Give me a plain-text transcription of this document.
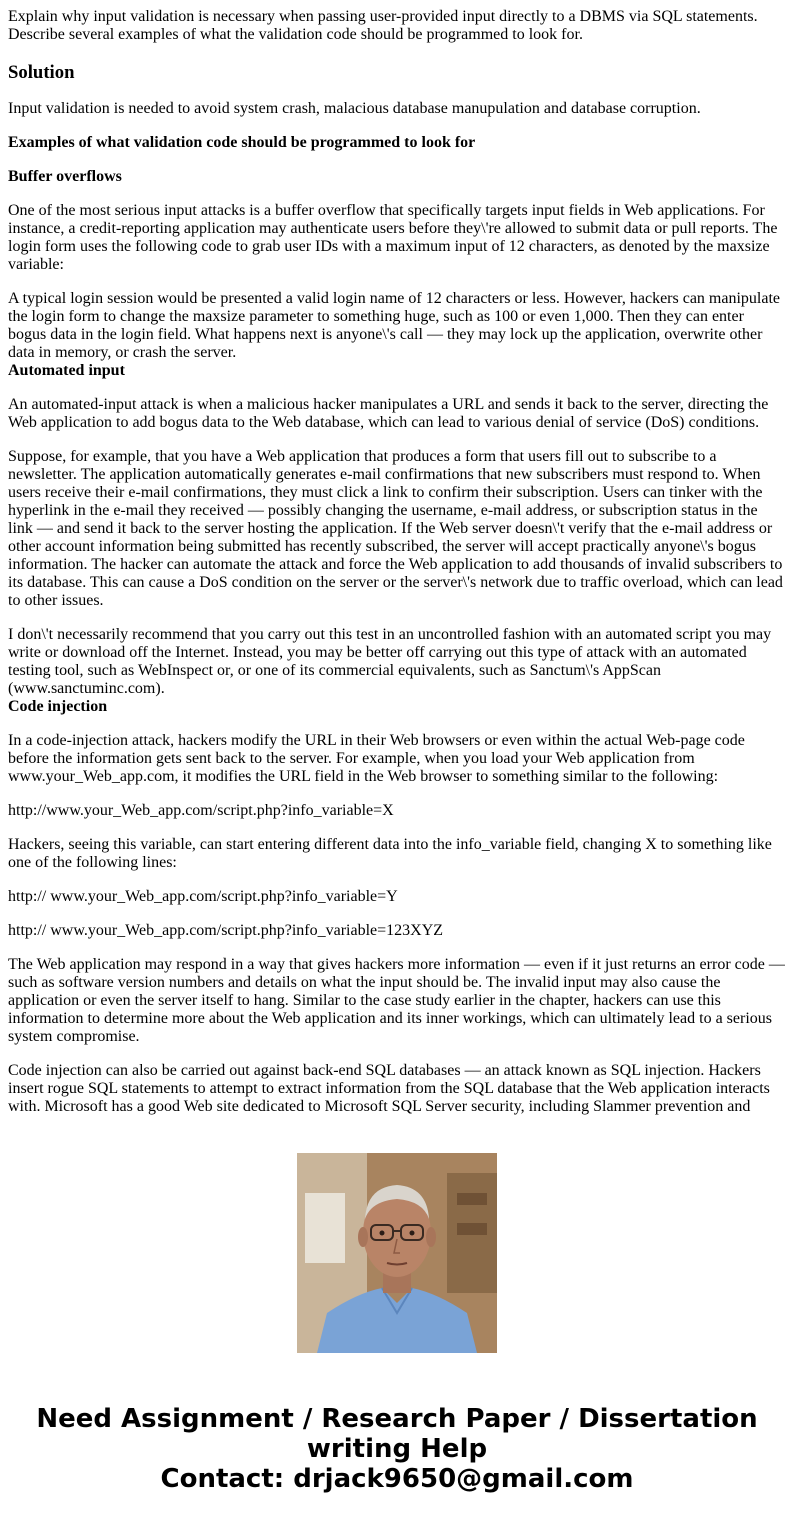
Explain why input validation is necessary when passing user-provided input directly to a DBMS via SQL statements. Describe several examples of what the validation code should be programmed to look for.

Solution

Input validation is needed to avoid system crash, malacious database manupulation and database corruption.

Examples of what validation code should be programmed to look for

Buffer overflows

One of the most serious input attacks is a buffer overflow that specifically targets input fields in Web applications. For instance, a credit-reporting application may authenticate users before they\'re allowed to submit data or pull reports. The login form uses the following code to grab user IDs with a maximum input of 12 characters, as denoted by the maxsize variable:

A typical login session would be presented a valid login name of 12 characters or less. However, hackers can manipulate the login form to change the maxsize parameter to something huge, such as 100 or even 1,000. Then they can enter bogus data in the login field. What happens next is anyone\'s call — they may lock up the application, overwrite other data in memory, or crash the server.

Automated input

An automated-input attack is when a malicious hacker manipulates a URL and sends it back to the server, directing the Web application to add bogus data to the Web database, which can lead to various denial of service (DoS) conditions.

Suppose, for example, that you have a Web application that produces a form that users fill out to subscribe to a newsletter. The application automatically generates e-mail confirmations that new subscribers must respond to. When users receive their e-mail confirmations, they must click a link to confirm their subscription. Users can tinker with the hyperlink in the e-mail they received — possibly changing the username, e-mail address, or subscription status in the link — and send it back to the server hosting the application. If the Web server doesn\'t verify that the e-mail address or other account information being submitted has recently subscribed, the server will accept practically anyone\'s bogus information. The hacker can automate the attack and force the Web application to add thousands of invalid subscribers to its database. This can cause a DoS condition on the server or the server\'s network due to traffic overload, which can lead to other issues.

I don\'t necessarily recommend that you carry out this test in an uncontrolled fashion with an automated script you may write or download off the Internet. Instead, you may be better off carrying out this type of attack with an automated testing tool, such as WebInspect or, or one of its commercial equivalents, such as Sanctum\'s AppScan (www.sanctuminc.com).

Code injection

In a code-injection attack, hackers modify the URL in their Web browsers or even within the actual Web-page code before the information gets sent back to the server. For example, when you load your Web application from www.your_Web_app.com, it modifies the URL field in the Web browser to something similar to the following:

http://www.your_Web_app.com/script.php?info_variable=X

Hackers, seeing this variable, can start entering different data into the info_variable field, changing X to something like one of the following lines:

http:// www.your_Web_app.com/script.php?info_variable=Y

http:// www.your_Web_app.com/script.php?info_variable=123XYZ

The Web application may respond in a way that gives hackers more information — even if it just returns an error code — such as software version numbers and details on what the input should be. The invalid input may also cause the application or even the server itself to hang. Similar to the case study earlier in the chapter, hackers can use this information to determine more about the Web application and its inner workings, which can ultimately lead to a serious system compromise.

Code injection can also be carried out against back-end SQL databases — an attack known as SQL injection. Hackers insert rogue SQL statements to attempt to extract information from the SQL database that the Web application interacts with. Microsoft has a good Web site dedicated to Microsoft SQL Server security, including Slammer prevention and

Need Assignment / Research Paper / Dissertation
writing Help
Contact: drjack9650@gmail.com
